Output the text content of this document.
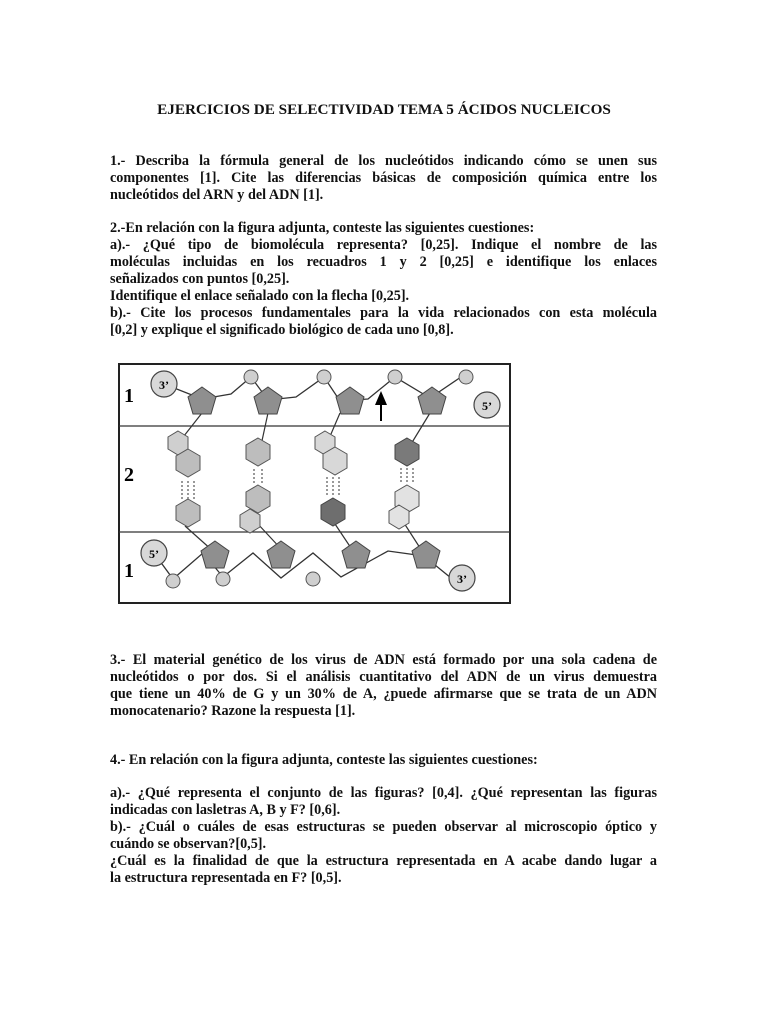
EJERCICIOS DE SELECTIVIDAD TEMA 5 ÁCIDOS NUCLEICOS
1.- Describa la fórmula general de los nucleótidos indicando cómo se unen sus
componentes [1]. Cite las diferencias básicas de composición química entre los
nucleótidos del ARN y del ADN [1].
2.-En relación con la figura adjunta, conteste las siguientes cuestiones:
a).- ¿Qué tipo de biomolécula representa? [0,25]. Indique el nombre de las
moléculas incluidas en los recuadros 1 y 2 [0,25] e identifique los enlaces
señalizados con puntos [0,25].
Identifique el enlace señalado con la flecha [0,25].
b).- Cite los procesos fundamentales para la vida relacionados con esta molécula
[0,2] y explique el significado biológico de cada uno [0,8].
1
2
1
3’
5’
5’
3’
3.- El material genético de los virus de ADN está formado por una sola cadena de
nucleótidos o por dos. Si el análisis cuantitativo del ADN de un virus demuestra
que tiene un 40% de G y un 30% de A, ¿puede afirmarse que se trata de un ADN
monocatenario? Razone la respuesta [1].
4.- En relación con la figura adjunta, conteste las siguientes cuestiones:
a).- ¿Qué representa el conjunto de las figuras? [0,4]. ¿Qué representan las figuras
indicadas con lasletras A, B y F? [0,6].
b).- ¿Cuál o cuáles de esas estructuras se pueden observar al microscopio óptico y
cuándo se observan?[0,5].
¿Cuál es la finalidad de que la estructura representada en A acabe dando lugar a
la estructura representada en F? [0,5].
